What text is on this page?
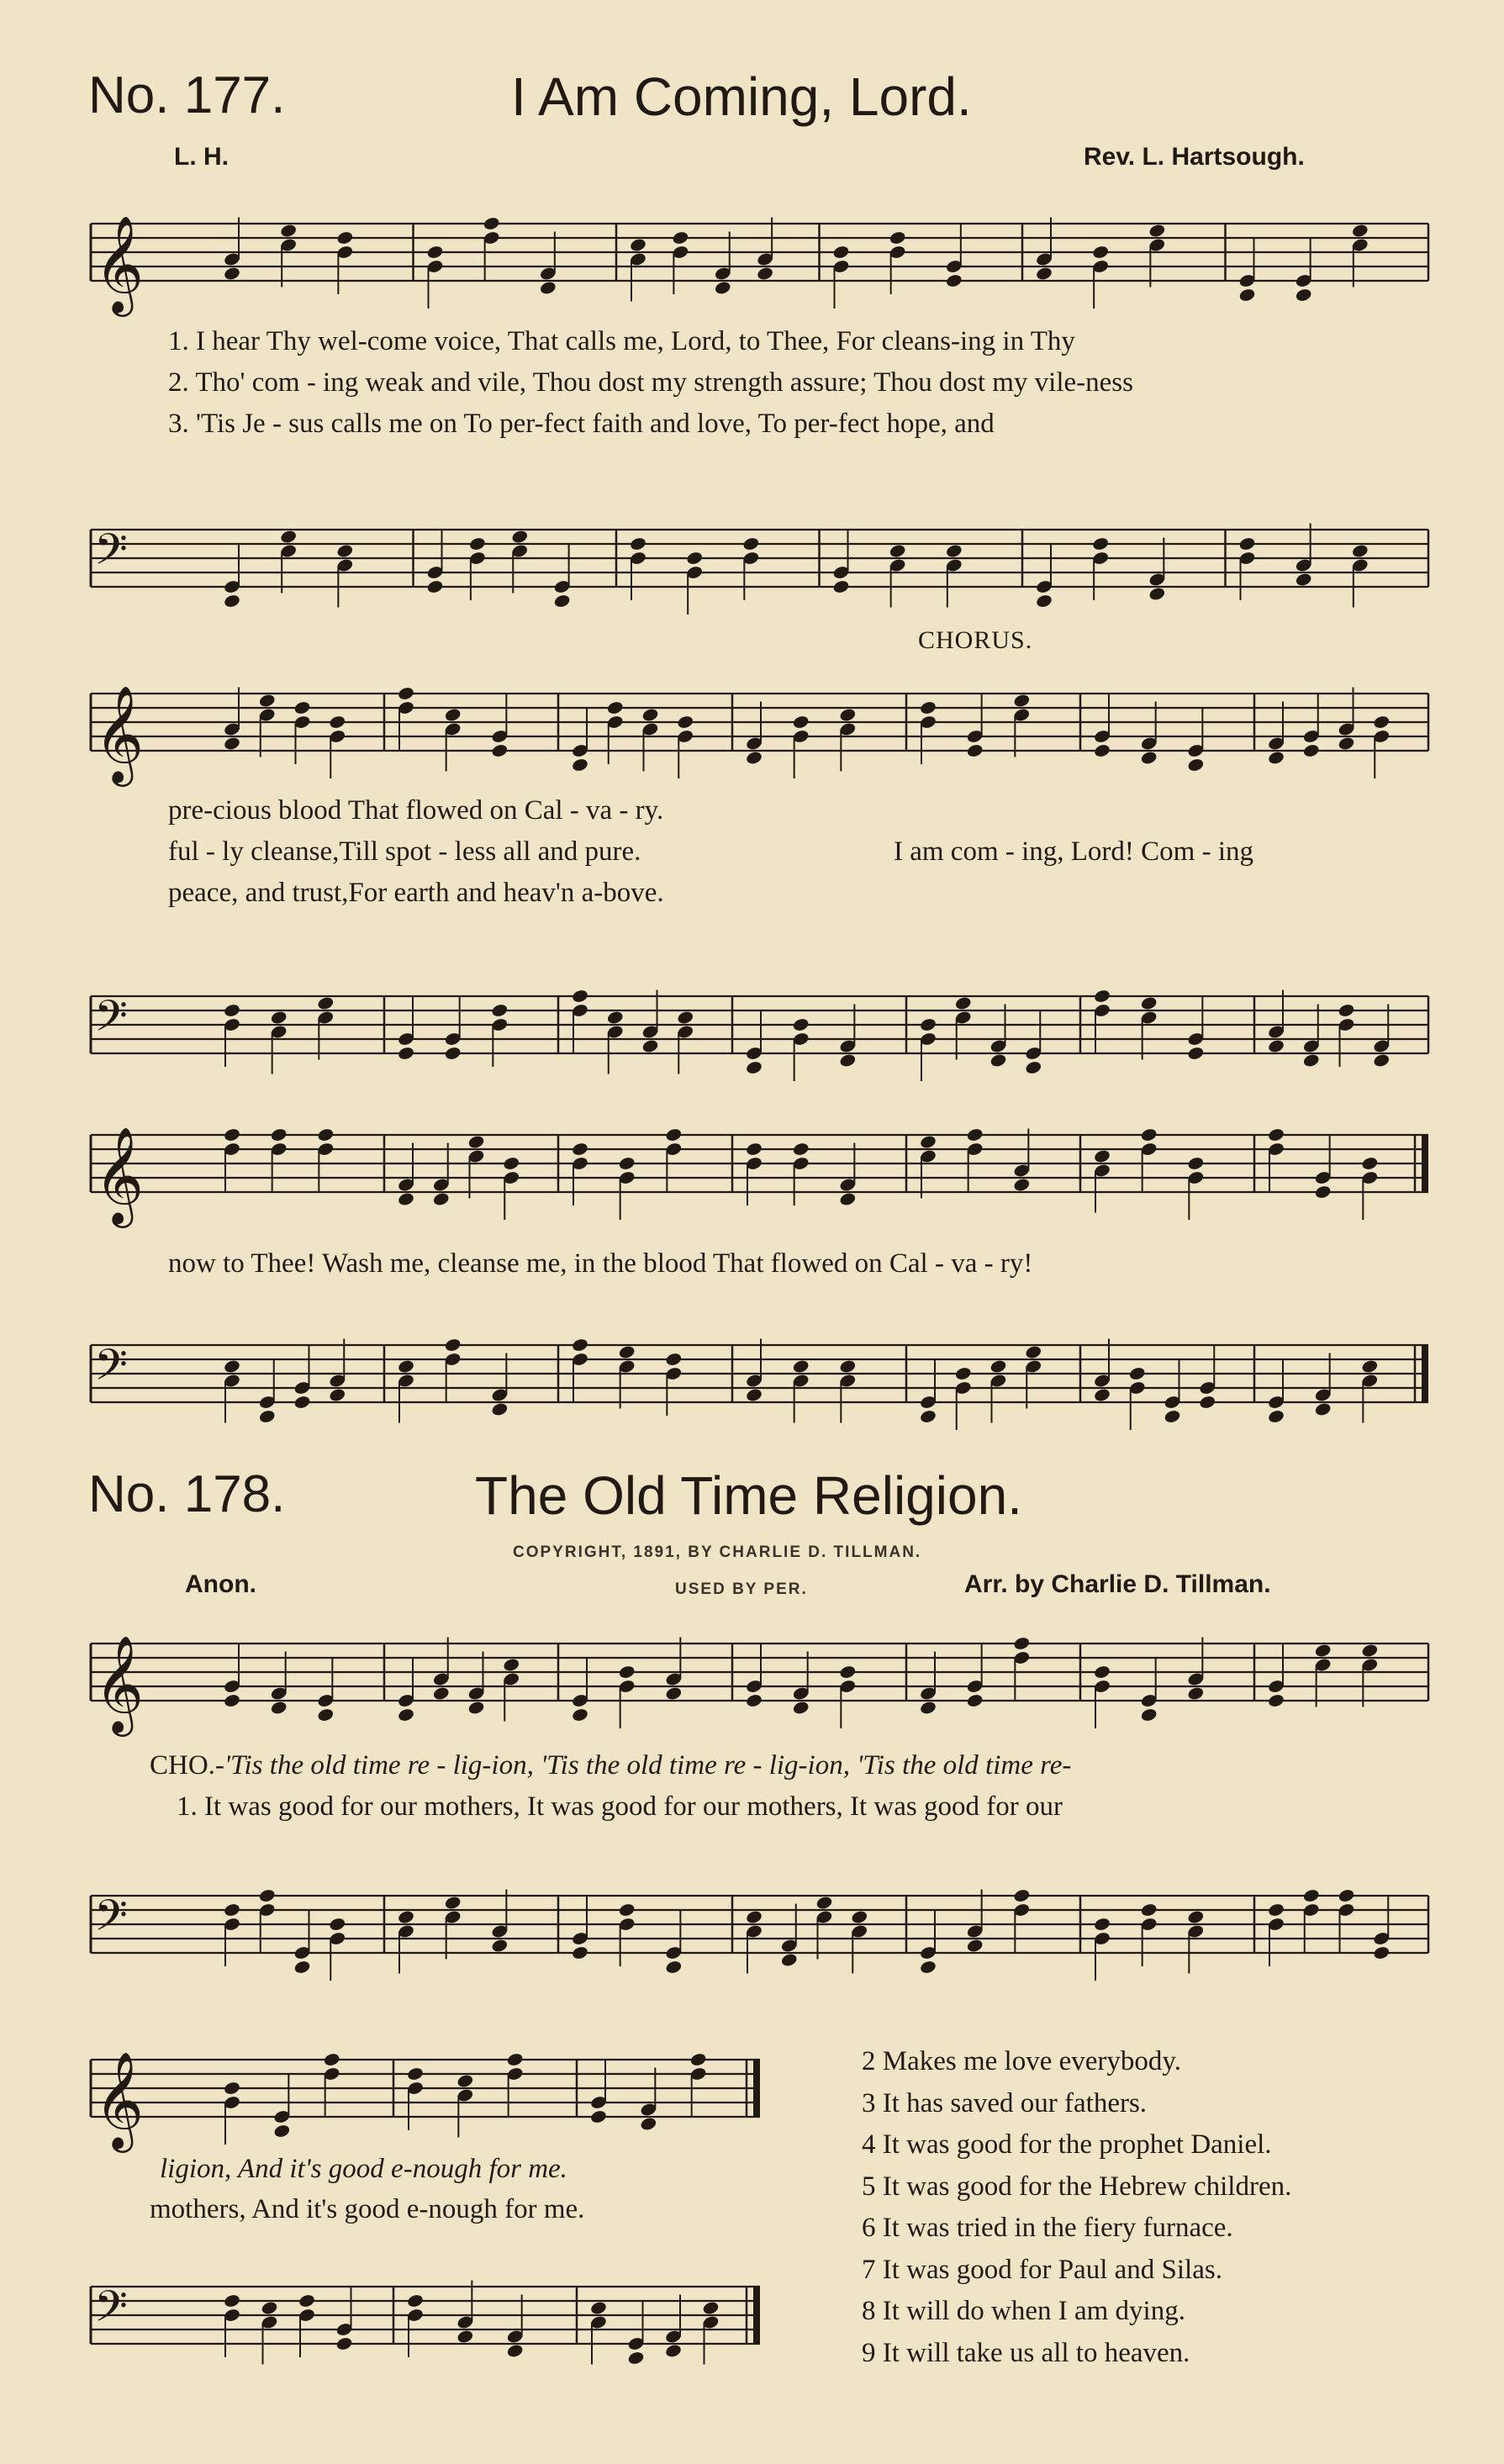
No. 177.	I Am Coming, Lord.
L. H.	Rev. L. Hartsough.
𝄞
1. I hear Thy wel-come voice, That calls me, Lord, to Thee, For cleans-ing in Thy
2. Tho' com - ing weak and vile, Thou dost my strength assure; Thou dost my vile-ness
3. 'Tis Je - sus calls me on To per-fect faith and love, To per-fect hope, and
𝄢
CHORUS.
𝄞
pre-cious blood That flowed on Cal - va - ry.
ful - ly cleanse,Till spot - less all and pure.
peace, and trust,For earth and heav'n a-bove.
I am com - ing, Lord! Com - ing
𝄢
𝄞
now to Thee! Wash me, cleanse me, in the blood That flowed on Cal - va - ry!
𝄢
No. 178.	The Old Time Religion.
COPYRIGHT, 1891, BY CHARLIE D. TILLMAN.
Anon.	USED BY PER.	Arr. by Charlie D. Tillman.
𝄞
CHO.-'Tis the old time re - lig-ion, 'Tis the old time re - lig-ion, 'Tis the old time re-
1. It was good for our mothers, It was good for our mothers, It was good for our
𝄢
𝄞
ligion, And it's good e-nough for me.
mothers, And it's good e-nough for me.
𝄢
2 Makes me love everybody.
3 It has saved our fathers.
4 It was good for the prophet Daniel.
5 It was good for the Hebrew children.
6 It was tried in the fiery furnace.
7 It was good for Paul and Silas.
8 It will do when I am dying.
9 It will take us all to heaven.
